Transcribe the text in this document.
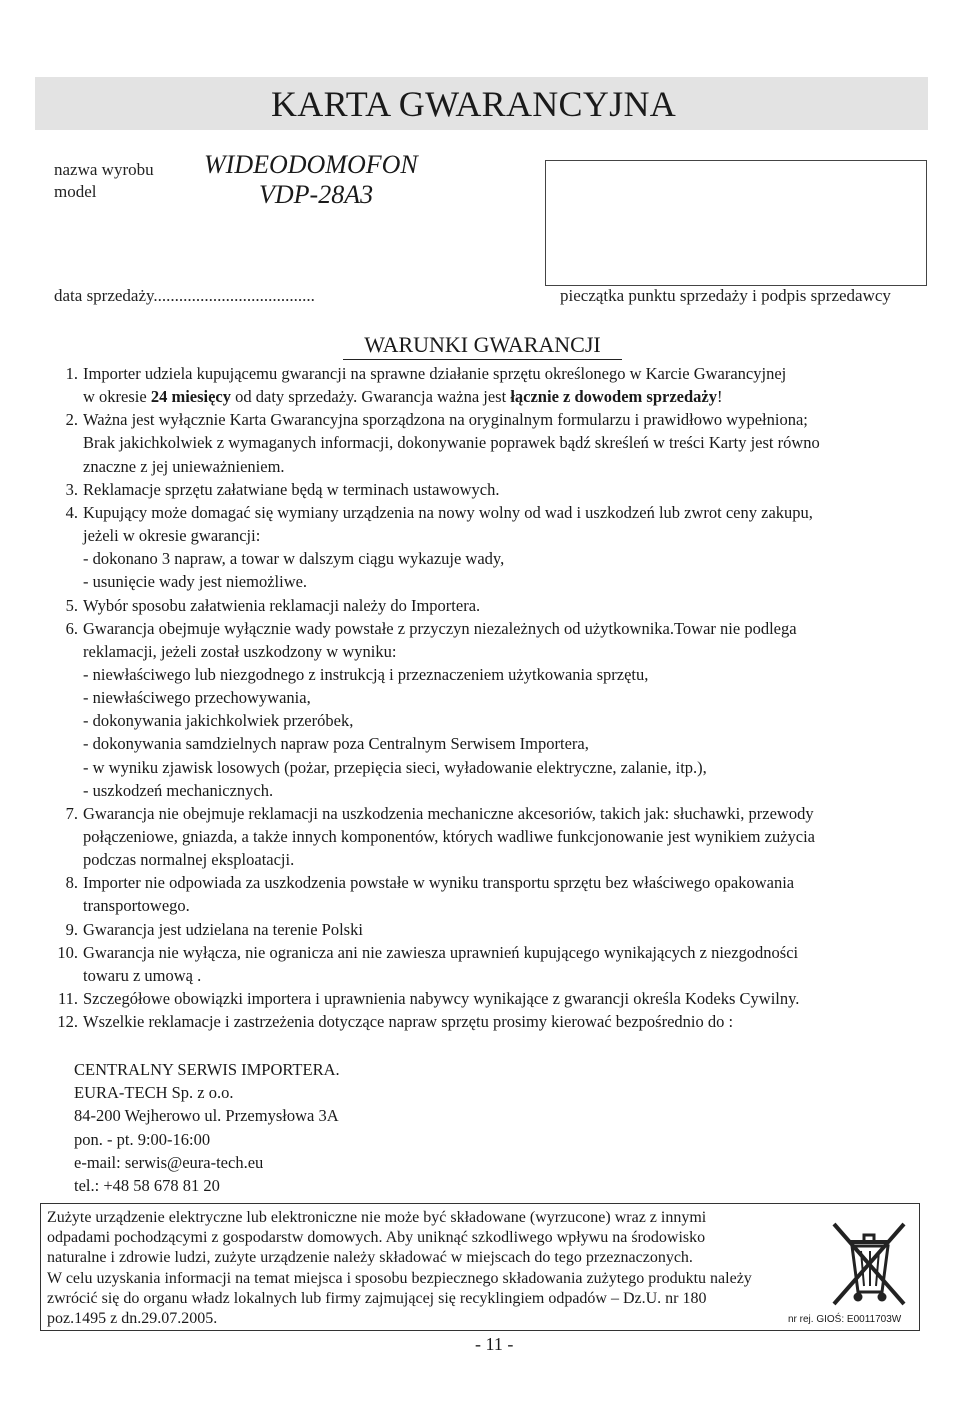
KARTA GWARANCYJNA
nazwa wyrobu
model
WIDEODOMOFON
VDP-28A3
data sprzedaży......................................	pieczątka punktu sprzedaży i podpis sprzedawcy
WARUNKI GWARANCJI
1. Importer udziela kupującemu gwarancji na sprawne działanie sprzętu określonego w Karcie Gwarancyjnej
w okresie 24 miesięcy od daty sprzedaży. Gwarancja ważna jest łącznie z dowodem sprzedaży!
2. Ważna jest wyłącznie Karta Gwarancyjna sporządzona na oryginalnym formularzu i prawidłowo wypełniona;
Brak jakichkolwiek z wymaganych informacji, dokonywanie poprawek bądź skreśleń w treści Karty jest równo
znaczne z jej unieważnieniem.
3. Reklamacje sprzętu załatwiane będą w terminach ustawowych.
4. Kupujący może domagać się wymiany urządzenia na nowy wolny od wad i uszkodzeń lub zwrot ceny zakupu,
jeżeli w okresie gwarancji:
- dokonano 3 napraw, a towar w dalszym ciągu wykazuje wady,
- usunięcie wady jest niemożliwe.
5. Wybór sposobu załatwienia reklamacji należy do Importera.
6. Gwarancja obejmuje wyłącznie wady powstałe z przyczyn niezależnych od użytkownika.Towar nie podlega
reklamacji, jeżeli został uszkodzony w wyniku:
- niewłaściwego lub niezgodnego z instrukcją i przeznaczeniem użytkowania sprzętu,
- niewłaściwego przechowywania,
- dokonywania jakichkolwiek przeróbek,
- dokonywania samdzielnych napraw poza Centralnym Serwisem Importera,
- w wyniku zjawisk losowych (pożar, przepięcia sieci, wyładowanie elektryczne, zalanie, itp.),
- uszkodzeń mechanicznych.
7. Gwarancja nie obejmuje reklamacji na uszkodzenia mechaniczne akcesoriów, takich jak: słuchawki, przewody
połączeniowe, gniazda, a także innych komponentów, których wadliwe funkcjonowanie jest wynikiem zużycia
podczas normalnej eksploatacji.
8. Importer nie odpowiada za uszkodzenia powstałe w wyniku transportu sprzętu bez właściwego opakowania
transportowego.
9. Gwarancja jest udzielana na terenie Polski
10. Gwarancja nie wyłącza, nie ogranicza ani nie zawiesza uprawnień kupującego wynikających z niezgodności
towaru z umową .
11. Szczegółowe obowiązki importera i uprawnienia nabywcy wynikające z gwarancji określa Kodeks Cywilny.
12. Wszelkie reklamacje i zastrzeżenia dotyczące napraw sprzętu prosimy kierować bezpośrednio do :
CENTRALNY SERWIS IMPORTERA.
EURA-TECH Sp. z o.o.
84-200 Wejherowo ul. Przemysłowa 3A
pon. - pt. 9:00-16:00
e-mail: serwis@eura-tech.eu
tel.: +48 58 678 81 20
Zużyte urządzenie elektryczne lub elektroniczne nie może być składowane (wyrzucone) wraz z innymi
odpadami pochodzącymi z gospodarstw domowych. Aby uniknąć szkodliwego wpływu na środowisko
naturalne i zdrowie ludzi, zużyte urządzenie należy składować w miejscach do tego przeznaczonych.
W celu uzyskania informacji na temat miejsca i sposobu bezpiecznego składowania zużytego produktu należy
zwrócić się do organu władz lokalnych lub firmy zajmującej się recyklingiem odpadów – Dz.U. nr 180
poz.1495 z dn.29.07.2005.	nr rej. GIOŚ: E0011703W
- 11 -
